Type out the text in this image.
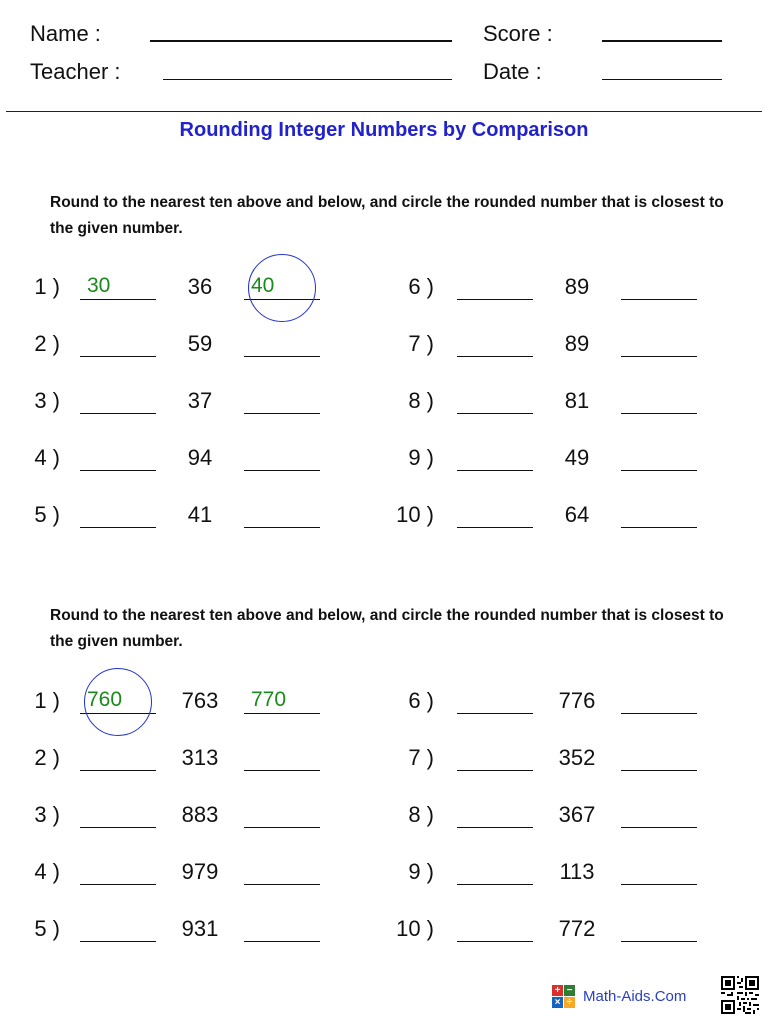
Name :
Teacher :
Score :
Date :
Rounding Integer Numbers by Comparison
Round to the nearest ten above and below, and circle the rounded number that is closest to the given number.
Round to the nearest ten above and below, and circle the rounded number that is closest to the given number.
1 ) 30	36	40
2 )	59
3 )	37
4 )	94
5 )	41
6 )	89
7 )	89
8 )	81
9 )	49
10 )	64
1 ) 760	763	770
2 )	313
3 )	883
4 )	979
5 )	931
6 )	776
7 )	352
8 )	367
9 )	113
10 )	772
+ −
× ÷ Math-Aids.Com
